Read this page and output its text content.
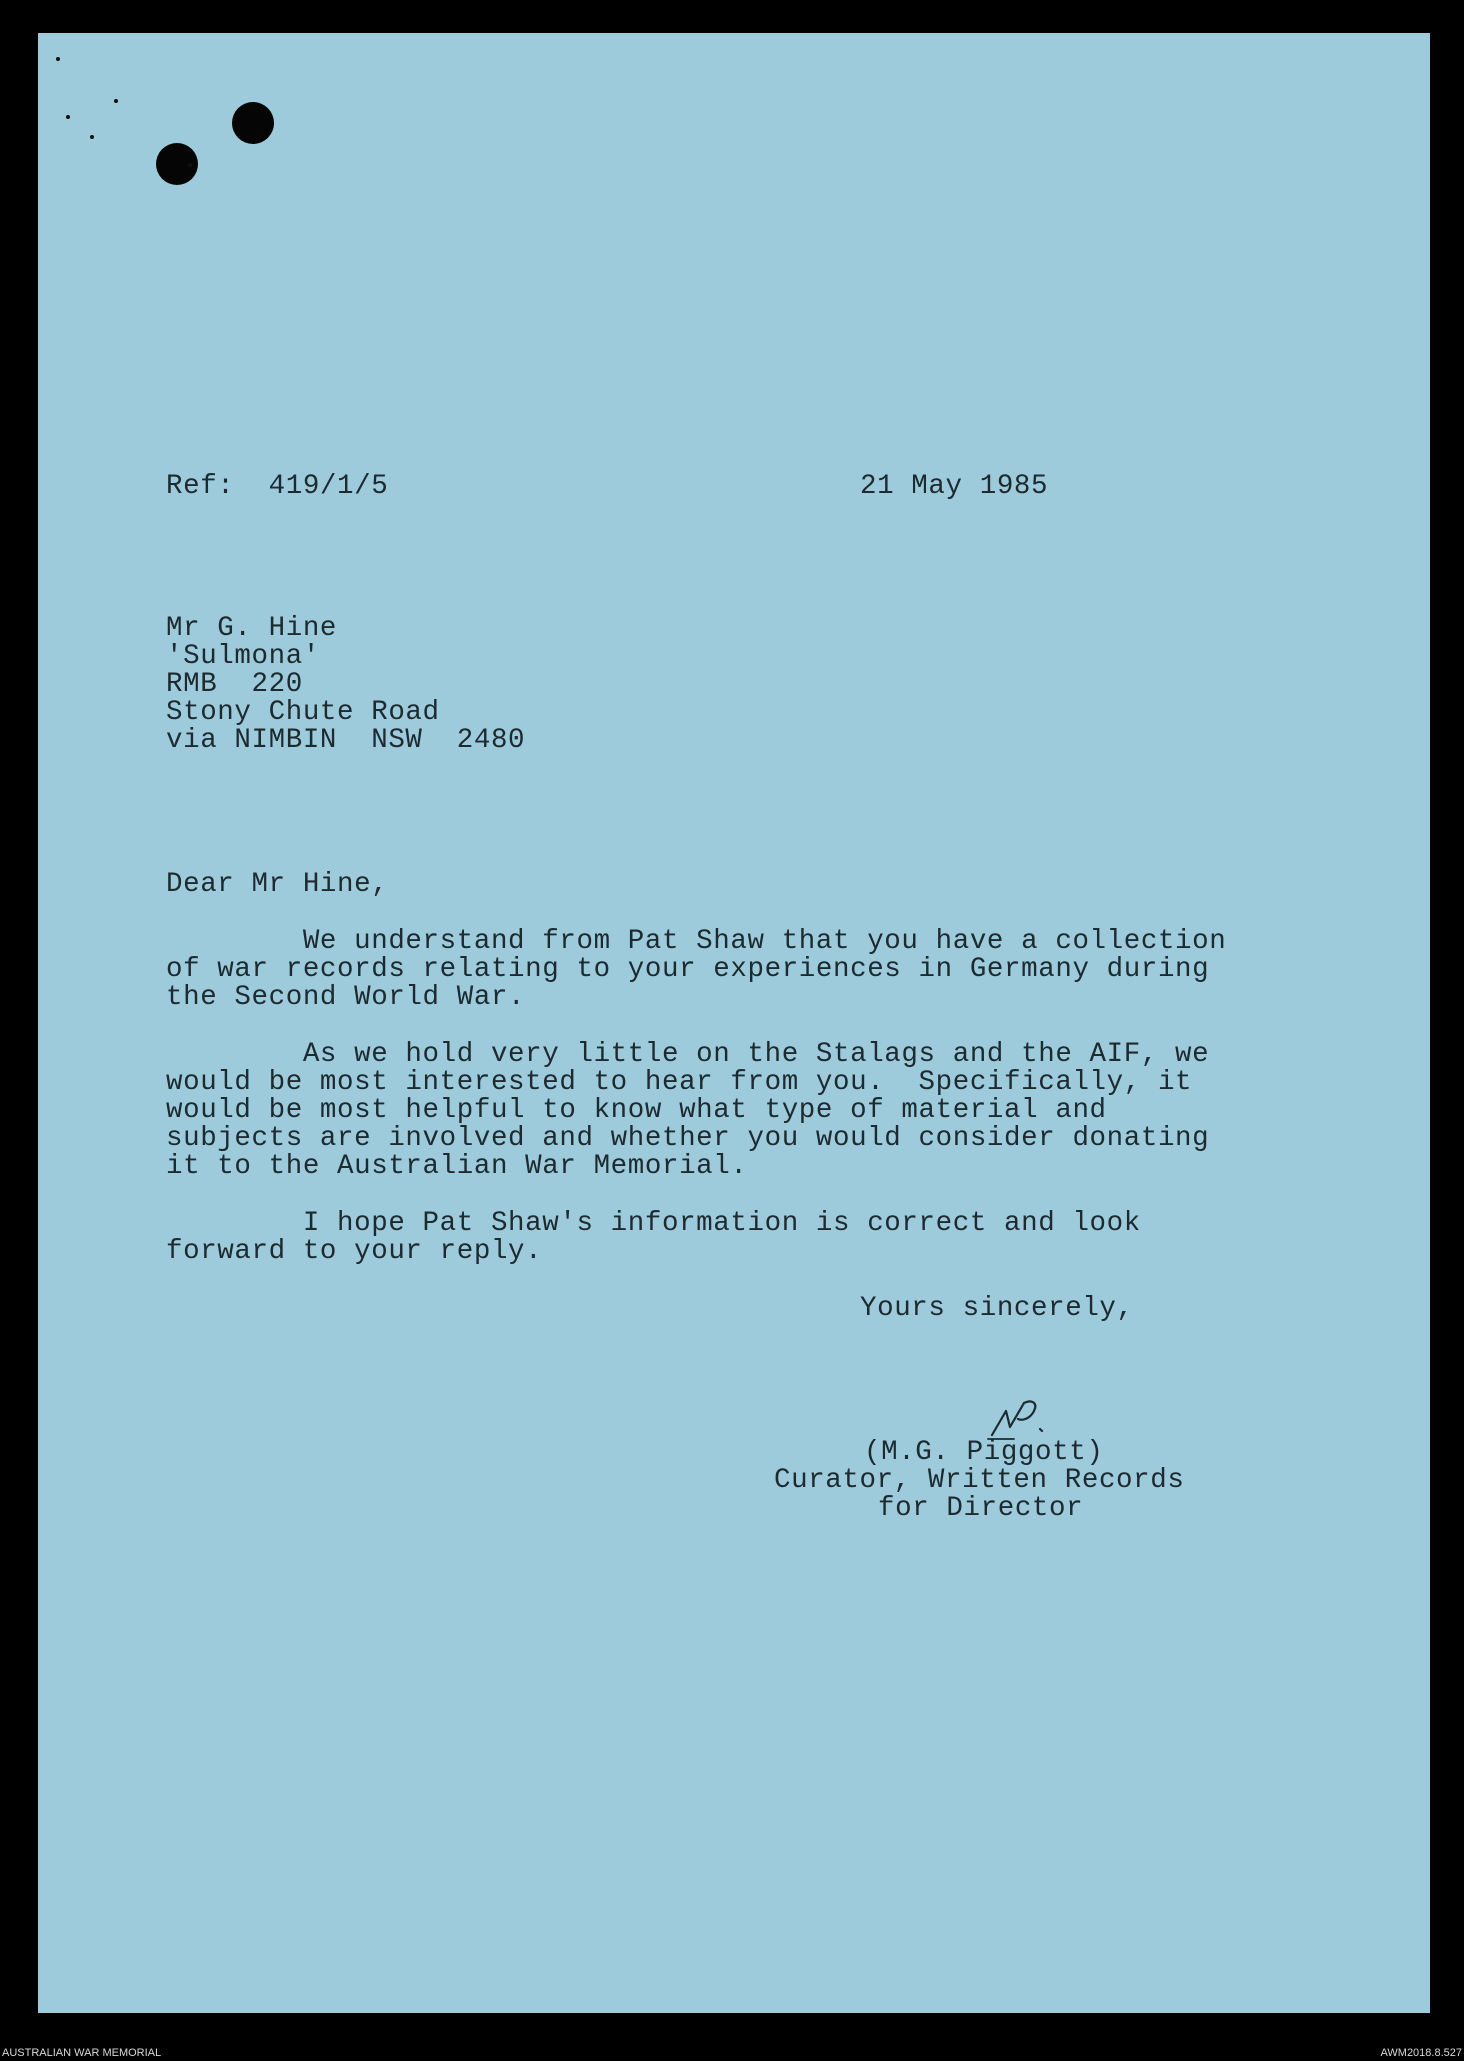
Ref:  419/1/5	21 May 1985
Mr G. Hine
'Sulmona'
RMB  220
Stony Chute Road
via NIMBIN  NSW  2480
Dear Mr Hine,
We understand from Pat Shaw that you have a collection
of war records relating to your experiences in Germany during
the Second World War.
As we hold very little on the Stalags and the AIF, we
would be most interested to hear from you.  Specifically, it
would be most helpful to know what type of material and
subjects are involved and whether you would consider donating
it to the Australian War Memorial.
I hope Pat Shaw's information is correct and look
forward to your reply.
Yours sincerely,
(M.G. Piggott)
Curator, Written Records
for Director
AUSTRALIAN WAR MEMORIAL	AWM2018.8.527
